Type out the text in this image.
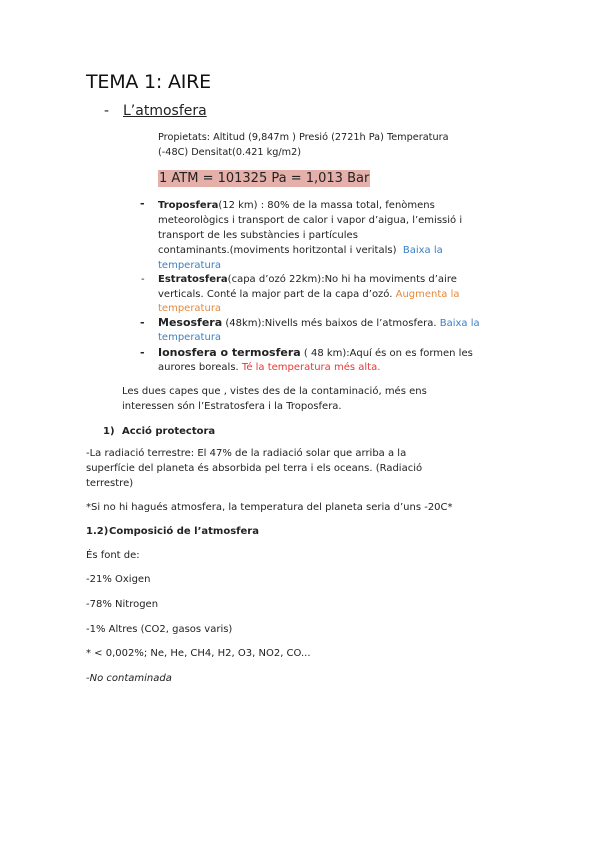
TEMA 1: AIRE
- L’atmosfera
Propietats: Altitud (9,847m ) Presió (2721h Pa) Temperatura
(-48C) Densitat(0.421 kg/m2)
1 ATM = 101325 Pa = 1,013 Bar
- Troposfera(12 km) : 80% de la massa total, fenòmens
meteorològics i transport de calor i vapor d’aigua, l’emissió i
transport de les substàncies i partícules
contaminants.(moviments horitzontal i veritals) Baixa la
temperatura
- Estratosfera(capa d’ozó 22km):No hi ha moviments d’aire
verticals. Conté la major part de la capa d’ozó. Augmenta la
temperatura
- Mesosfera (48km):Nivells més baixos de l’atmosfera. Baixa la
temperatura
- Ionosfera o termosfera ( 48 km):Aquí és on es formen les
aurores boreals. Té la temperatura més alta.
Les dues capes que , vistes des de la contaminació, més ens
interessen són l’Estratosfera i la Troposfera.
1) Acció protectora
-La radiació terrestre: El 47% de la radiació solar que arriba a la
superfície del planeta és absorbida pel terra i els oceans. (Radiació
terrestre)
*Si no hi hagués atmosfera, la temperatura del planeta seria d’uns -20C*
1.2) Composició de l’atmosfera
És font de:
-21% Oxigen
-78% Nitrogen
-1% Altres (CO2, gasos varis)
* < 0,002%; Ne, He, CH4, H2, O3, NO2, CO...
-No contaminada
